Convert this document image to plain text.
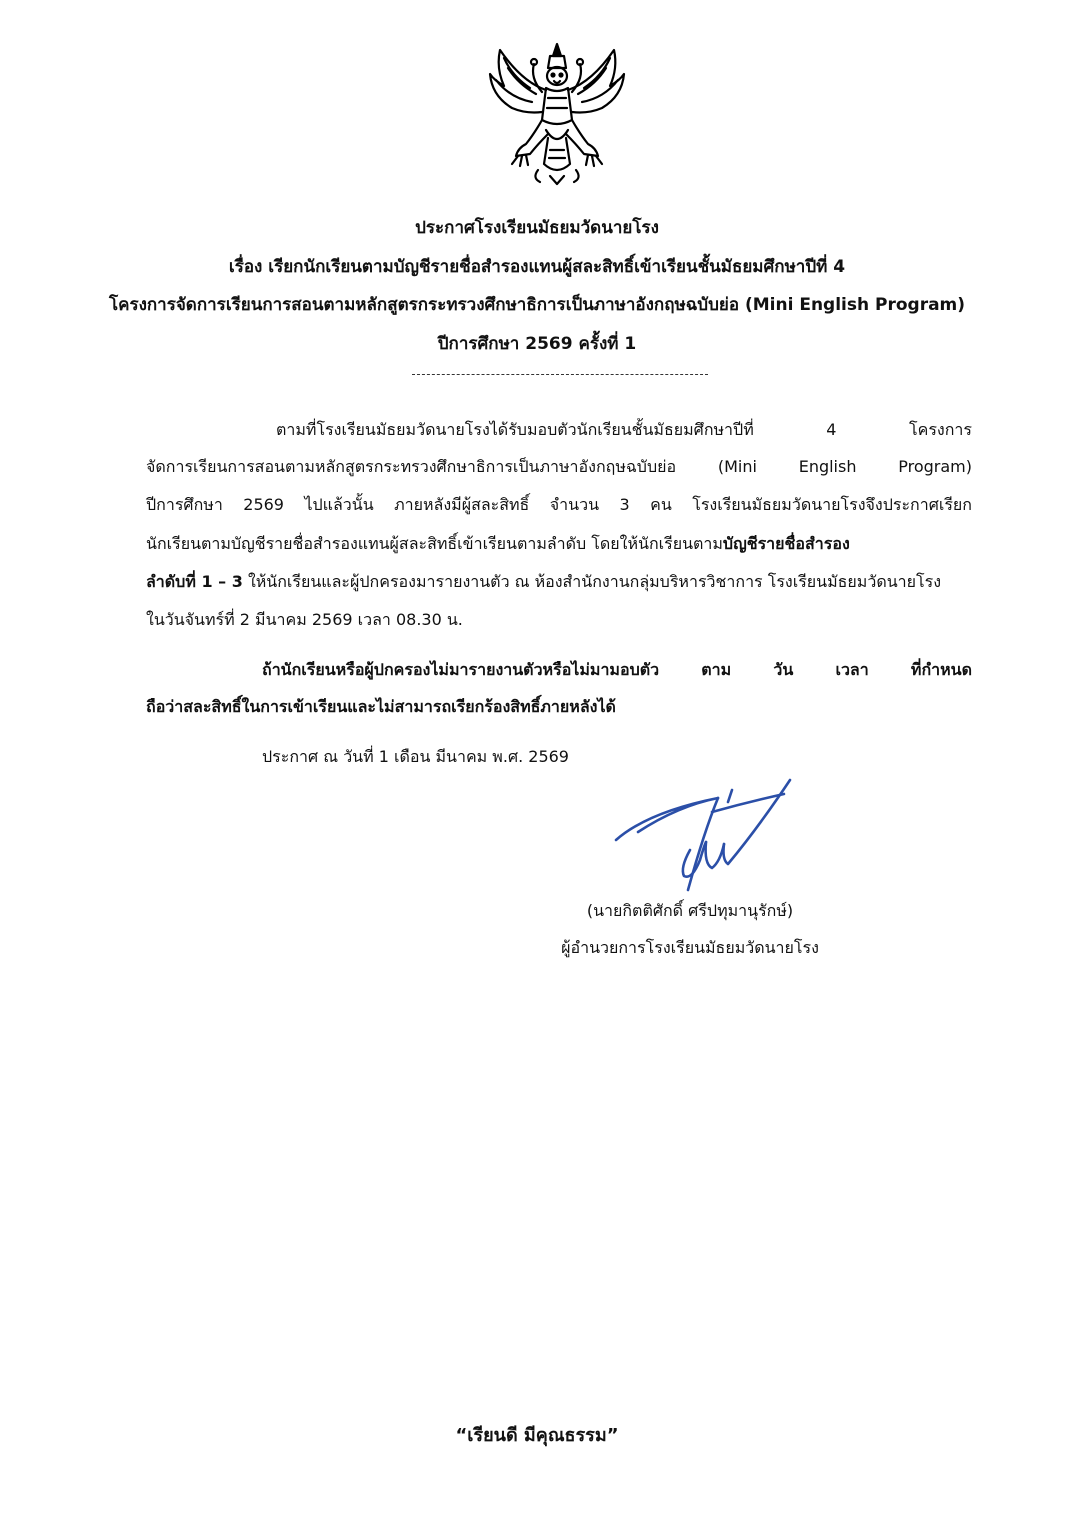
ประกาศโรงเรียนมัธยมวัดนายโรง
เรื่อง เรียกนักเรียนตามบัญชีรายชื่อสำรองแทนผู้สละสิทธิ์เข้าเรียนชั้นมัธยมศึกษาปีที่ 4
โครงการจัดการเรียนการสอนตามหลักสูตรกระทรวงศึกษาธิการเป็นภาษาอังกฤษฉบับย่อ (Mini English Program)
ปีการศึกษา 2569 ครั้งที่ 1
ตามที่โรงเรียนมัธยมวัดนายโรงได้รับมอบตัวนักเรียนชั้นมัธยมศึกษาปีที่ 4 โครงการ
จัดการเรียนการสอนตามหลักสูตรกระทรวงศึกษาธิการเป็นภาษาอังกฤษฉบับย่อ (Mini English Program)
ปีการศึกษา 2569 ไปแล้วนั้น ภายหลังมีผู้สละสิทธิ์ จำนวน 3 คน โรงเรียนมัธยมวัดนายโรงจึงประกาศเรียก
นักเรียนตามบัญชีรายชื่อสำรองแทนผู้สละสิทธิ์เข้าเรียนตามลำดับ โดยให้นักเรียนตามบัญชีรายชื่อสำรอง
ลำดับที่ 1 – 3 ให้นักเรียนและผู้ปกครองมารายงานตัว ณ ห้องสำนักงานกลุ่มบริหารวิชาการ โรงเรียนมัธยมวัดนายโรง
ในวันจันทร์ที่ 2 มีนาคม 2569 เวลา 08.30 น.
ถ้านักเรียนหรือผู้ปกครองไม่มารายงานตัวหรือไม่มามอบตัว ตาม วัน เวลา ที่กำหนด
ถือว่าสละสิทธิ์ในการเข้าเรียนและไม่สามารถเรียกร้องสิทธิ์ภายหลังได้
ประกาศ ณ วันที่ 1 เดือน มีนาคม พ.ศ. 2569
(นายกิตติศักดิ์ ศรีปทุมานุรักษ์)
ผู้อำนวยการโรงเรียนมัธยมวัดนายโรง
“เรียนดี มีคุณธรรม”
